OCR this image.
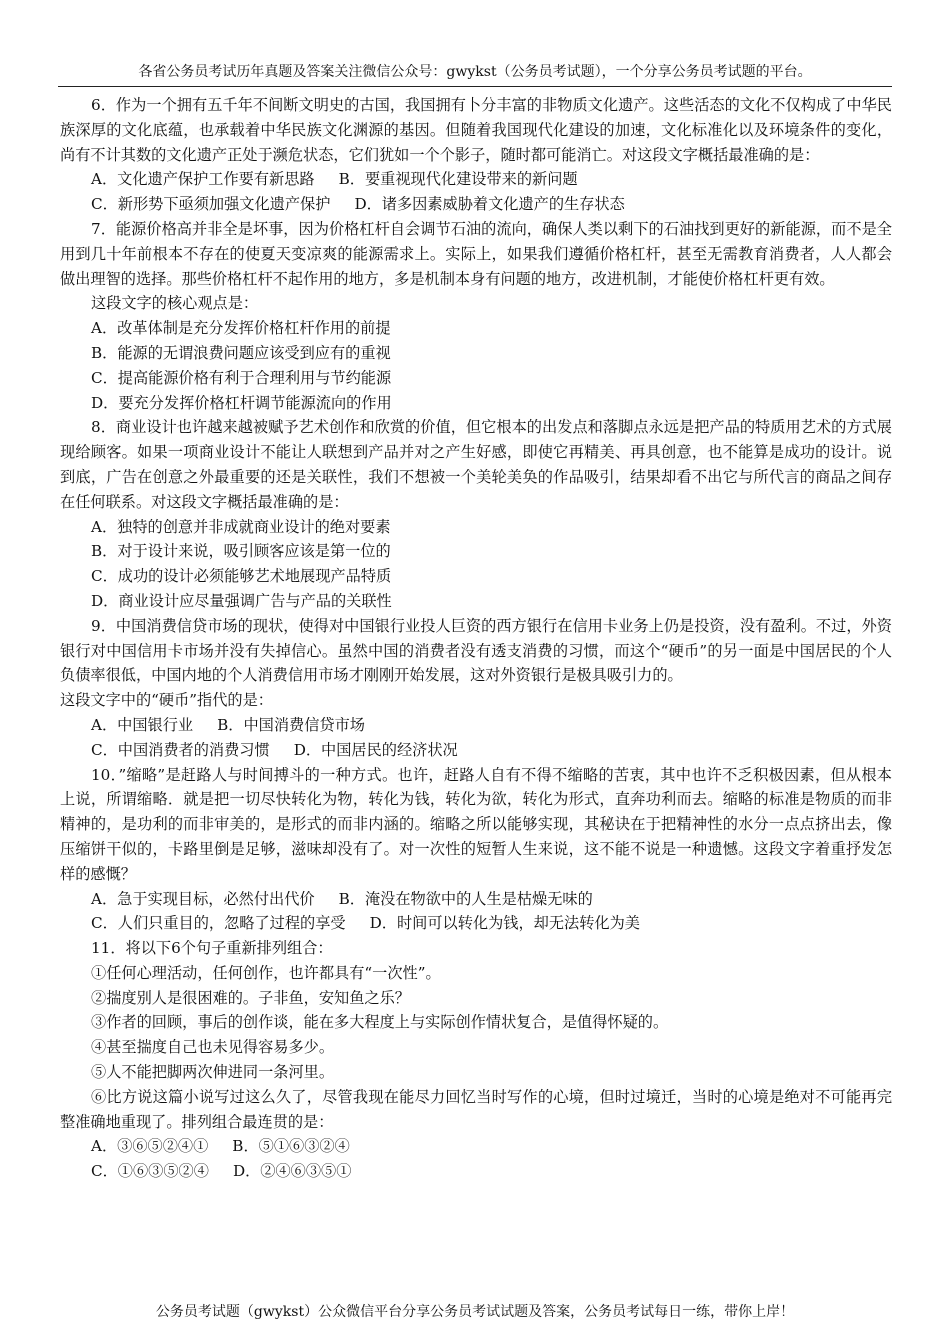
各省公务员考试历年真题及答案关注微信公众号：gwykst（公务员考试题），一个分享公务员考试题的平台。

6．作为一个拥有五千年不间断文明史的古国，我国拥有卜分丰富的非物质文化遗产。这些活态的文化不仅构成了中华民族深厚的文化底蕴，也承载着中华民族文化渊源的基因。但随着我国现代化建设的加速，文化标准化以及环境条件的变化，尚有不计其数的文化遗产正处于濒危状态，它们犹如一个个影子，随时都可能消亡。对这段文字概括最准确的是：

A．文化遗产保护工作要有新思路 B．要重视现代化建设带来的新问题

C．新形势下亟须加强文化遗产保护 D．诸多因素威胁着文化遗产的生存状态

7．能源价格高并非全是坏事，因为价格杠杆自会调节石油的流向，确保人类以剩下的石油找到更好的新能源，而不是全用到几十年前根本不存在的使夏天变凉爽的能源需求上。实际上，如果我们遵循价格杠杆，甚至无需教育消费者，人人都会做出理智的选择。那些价格杠杆不起作用的地方，多是机制本身有问题的地方，改进机制，才能使价格杠杆更有效。

这段文字的核心观点是：

A．改革体制是充分发挥价格杠杆作用的前提

B．能源的无谓浪费问题应该受到应有的重视

C．提高能源价格有利于合理利用与节约能源

D．要充分发挥价格杠杆调节能源流向的作用

8．商业设计也许越来越被赋予艺术创作和欣赏的价值，但它根本的出发点和落脚点永远是把产品的特质用艺术的方式展现给顾客。如果一项商业设计不能让人联想到产品并对之产生好感，即使它再精美、再具创意，也不能算是成功的设计。说到底，广告在创意之外最重要的还是关联性，我们不想被一个美轮美奂的作品吸引，结果却看不出它与所代言的商品之间存在任何联系。对这段文字概括最准确的是：

A．独特的创意并非成就商业设计的绝对要素

B．对于设计来说，吸引顾客应该是第一位的

C．成功的设计必须能够艺术地展现产品特质

D．商业设计应尽量强调广告与产品的关联性

9．中国消费信贷市场的现状，使得对中国银行业投人巨资的西方银行在信用卡业务上仍是投资，没有盈利。不过，外资银行对中国信用卡市场并没有失掉信心。虽然中国的消费者没有透支消费的习惯，而这个“硬币”的另一面是中国居民的个人负债率很低，中国内地的个人消费信用市场才刚刚开始发展，这对外资银行是极具吸引力的。

这段文字中的“硬币”指代的是：

A．中国银行业 B．中国消费信贷市场

C．中国消费者的消费习惯 D．中国居民的经济状况

10．”缩略”是赶路人与时间搏斗的一种方式。也许，赶路人自有不得不缩略的苦衷，其中也许不乏积极因素，但从根本上说，所谓缩略．就是把一切尽快转化为物，转化为钱，转化为欲，转化为形式，直奔功利而去。缩略的标准是物质的而非精神的，是功利的而非审美的，是形式的而非内涵的。缩略之所以能够实现，其秘诀在于把精神性的水分一点点挤出去，像压缩饼干似的，卡路里倒是足够，滋味却没有了。对一次性的短暂人生来说，这不能不说是一种遗憾。这段文字着重抒发怎样的感慨？

A．急于实现目标，必然付出代价 B．淹没在物欲中的人生是枯燥无味的

C．人们只重目的，忽略了过程的享受 D．时间可以转化为钱，却无法转化为美

11．将以下6个句子重新排列组合：

①任何心理活动，任何创作，也许都具有“一次性”。

②揣度别人是很困难的。子非鱼，安知鱼之乐？

③作者的回顾，事后的创作谈，能在多大程度上与实际创作情状复合，是值得怀疑的。

④甚至揣度自己也未见得容易多少。

⑤人不能把脚两次伸进同一条河里。

⑥比方说这篇小说写过这么久了，尽管我现在能尽力回忆当时写作的心境，但时过境迁，当时的心境是绝对不可能再完整准确地重现了。排列组合最连贯的是：

A．③⑥⑤②④① B．⑤①⑥③②④

C．①⑥③⑤②④ D．②④⑥③⑤①

公务员考试题（gwykst）公众微信平台分享公务员考试试题及答案，公务员考试每日一练，带你上岸！
